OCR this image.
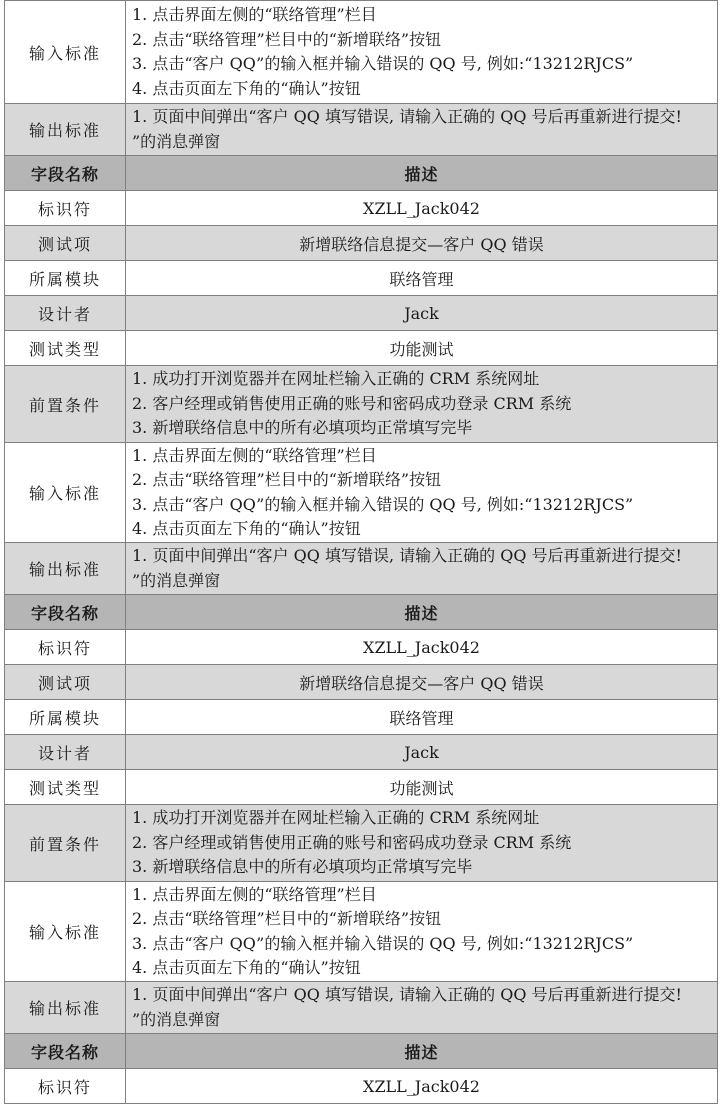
输入标准	1. 点击界面左侧的“联络管理”栏目
2. 点击“联络管理”栏目中的“新增联络”按钮
3. 点击“客户 QQ”的输入框并输入错误的 QQ 号, 例如:“13212RJCS”
4. 点击页面左下角的“确认”按钮

输出标准	1. 页面中间弹出“客户 QQ 填写错误, 请输入正确的 QQ 号后再重新进行提交! ”的消息弹窗

字段名称	描述
标识符	XZLL_Jack042
测试项	新增联络信息提交—客户 QQ 错误
所属模块	联络管理
设计者	Jack
测试类型	功能测试
前置条件	1. 成功打开浏览器并在网址栏输入正确的 CRM 系统网址
2. 客户经理或销售使用正确的账号和密码成功登录 CRM 系统
3. 新增联络信息中的所有必填项均正常填写完毕

输入标准	1. 点击界面左侧的“联络管理”栏目
2. 点击“联络管理”栏目中的“新增联络”按钮
3. 点击“客户 QQ”的输入框并输入错误的 QQ 号, 例如:“13212RJCS”
4. 点击页面左下角的“确认”按钮

输出标准	1. 页面中间弹出“客户 QQ 填写错误, 请输入正确的 QQ 号后再重新进行提交! ”的消息弹窗

字段名称	描述
标识符	XZLL_Jack042
测试项	新增联络信息提交—客户 QQ 错误
所属模块	联络管理
设计者	Jack
测试类型	功能测试
前置条件	1. 成功打开浏览器并在网址栏输入正确的 CRM 系统网址
2. 客户经理或销售使用正确的账号和密码成功登录 CRM 系统
3. 新增联络信息中的所有必填项均正常填写完毕

输入标准	1. 点击界面左侧的“联络管理”栏目
2. 点击“联络管理”栏目中的“新增联络”按钮
3. 点击“客户 QQ”的输入框并输入错误的 QQ 号, 例如:“13212RJCS”
4. 点击页面左下角的“确认”按钮

输出标准	1. 页面中间弹出“客户 QQ 填写错误, 请输入正确的 QQ 号后再重新进行提交! ”的消息弹窗

字段名称	描述
标识符	XZLL_Jack042
